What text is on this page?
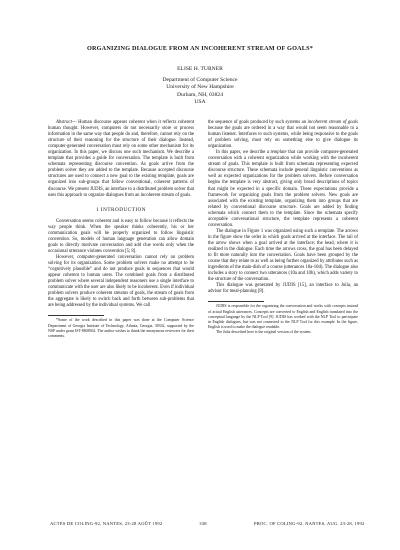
ORGANIZING DIALOGUE FROM AN INCOHERENT STREAM OF GOALS*
ELISE H. TURNER
Department of Computer Science
University of New Hampshire
Durham, NH, 03824
USA

Abstract— Human discourse appears coherent when it reflects coherent human thought. However, computers do not necessarily store or process information in the same way that people do and, therefore, cannot rely on the structure of their reasoning for the structure of their dialogue. Instead, computer-generated conversation must rely on some other mechanism for its organization. In this paper, we discuss one such mechanism. We describe a template that provides a guide for conversation. The template is built from schemata representing discourse convention. As goals arrive from the problem solver they are added to the template. Because accepted discourse structures are used to connect a new goal to the existing template, goals are organized into sub-groups that follow conventional, coherent patterns of discourse. We present JUDIS, an interface to a distributed problem solver that uses this approach to organize dialogues from an incoherent stream of goals.

1 INTRODUCTION

Conversation seems coherent and is easy to follow because it reflects the way people think. When the speaker thinks coherently, his or her communication goals will be properly organized to follow linguistic convention. So, models of human language generation can allow domain goals to directly motivate conversation and add clue words only when the occasional utterance violates convention [5; 8].

However, computer-generated conversation cannot rely on problem solving for its organization. Some problem solvers make no attempt to be “cognitively plausible” and do not produce goals in sequences that would appear coherent to human users. The combined goals from a distributed problem solver where several independent reasoners use a single interface to communicate with the user are also likely to be incoherent. Even if individual problem solvers produce coherent streams of goals, the stream of goals from the aggregate is likely to switch back and forth between sub-problems that are being addressed by the individual systems. We call

*Some of the work described in this paper was done at the Computer Science Department of Georgia Institute of Technology, Atlanta, Georgia, 30332, supported by the NSF under grant IST-8608362. The author wishes to thank the anonymous reviewers for their comments.

the sequence of goals produced by such systems an incoherent stream of goals because the goals are ordered in a way that would not seem reasonable to a human listener. Interfaces to such systems, while being responsive to the goals of problem solving, must rely on something else to give dialogue its organization.

In this paper, we describe a template that can provide computer-generated conversation with a coherent organization while working with the incoherent stream of goals. This template is built from schemata representing expected discourse structure. These schemata include general linguistic conventions as well as expected organizations for the problem solvers. Before conversation begins the template is very abstract, giving only broad descriptions of topics that might be expected in a specific domain. These expectations provide a framework for organizing goals from the problem solvers. New goals are associated with the existing template, organizing them into groups that are related by conventional discourse structure. Goals are added by finding schemata which connect them to the template. Since the schemata specify acceptable conversational structure, the template represents a coherent conversation.

The dialogue in Figure 1 was organized using such a template. The arrows in the figure show the order in which goals arrived at the interface. The tail of the arrow shows when a goal arrived at the interface; the head, where it is realized in the dialogue. Each time the arrows cross, the goal has been delayed to fit more naturally into the conversation. Goals have been grouped by the course that they relate to as well as being further organized by attributes such as ingredients of the main-dish of a course (utterances 18a-10d). The dialogue also includes a story to connect two utterances (10a and 10b), which adds variety to the structure of the conversation.

This dialogue was generated by JUDIS [15], an interface to Julia, an advisor for meal-planning [8].

JUDIS is responsible for the organizing the conversation and works with concepts instead of actual English utterances. Concepts are converted to English and English translated into the conceptual language by the NLP Tool [9]. JUDIS has worked with the NLP Tool to participate in English dialogues, but was not connected to the NLP Tool for this example. In the figure, English is used to make the dialogue readable.

The Julia described here is the original version of the system.

ACTES DE COLING-92, NANTES, 23-28 AOÛT 1992	338	PROC. OF COLING-92, NANTES, AUG. 23-28, 1992
